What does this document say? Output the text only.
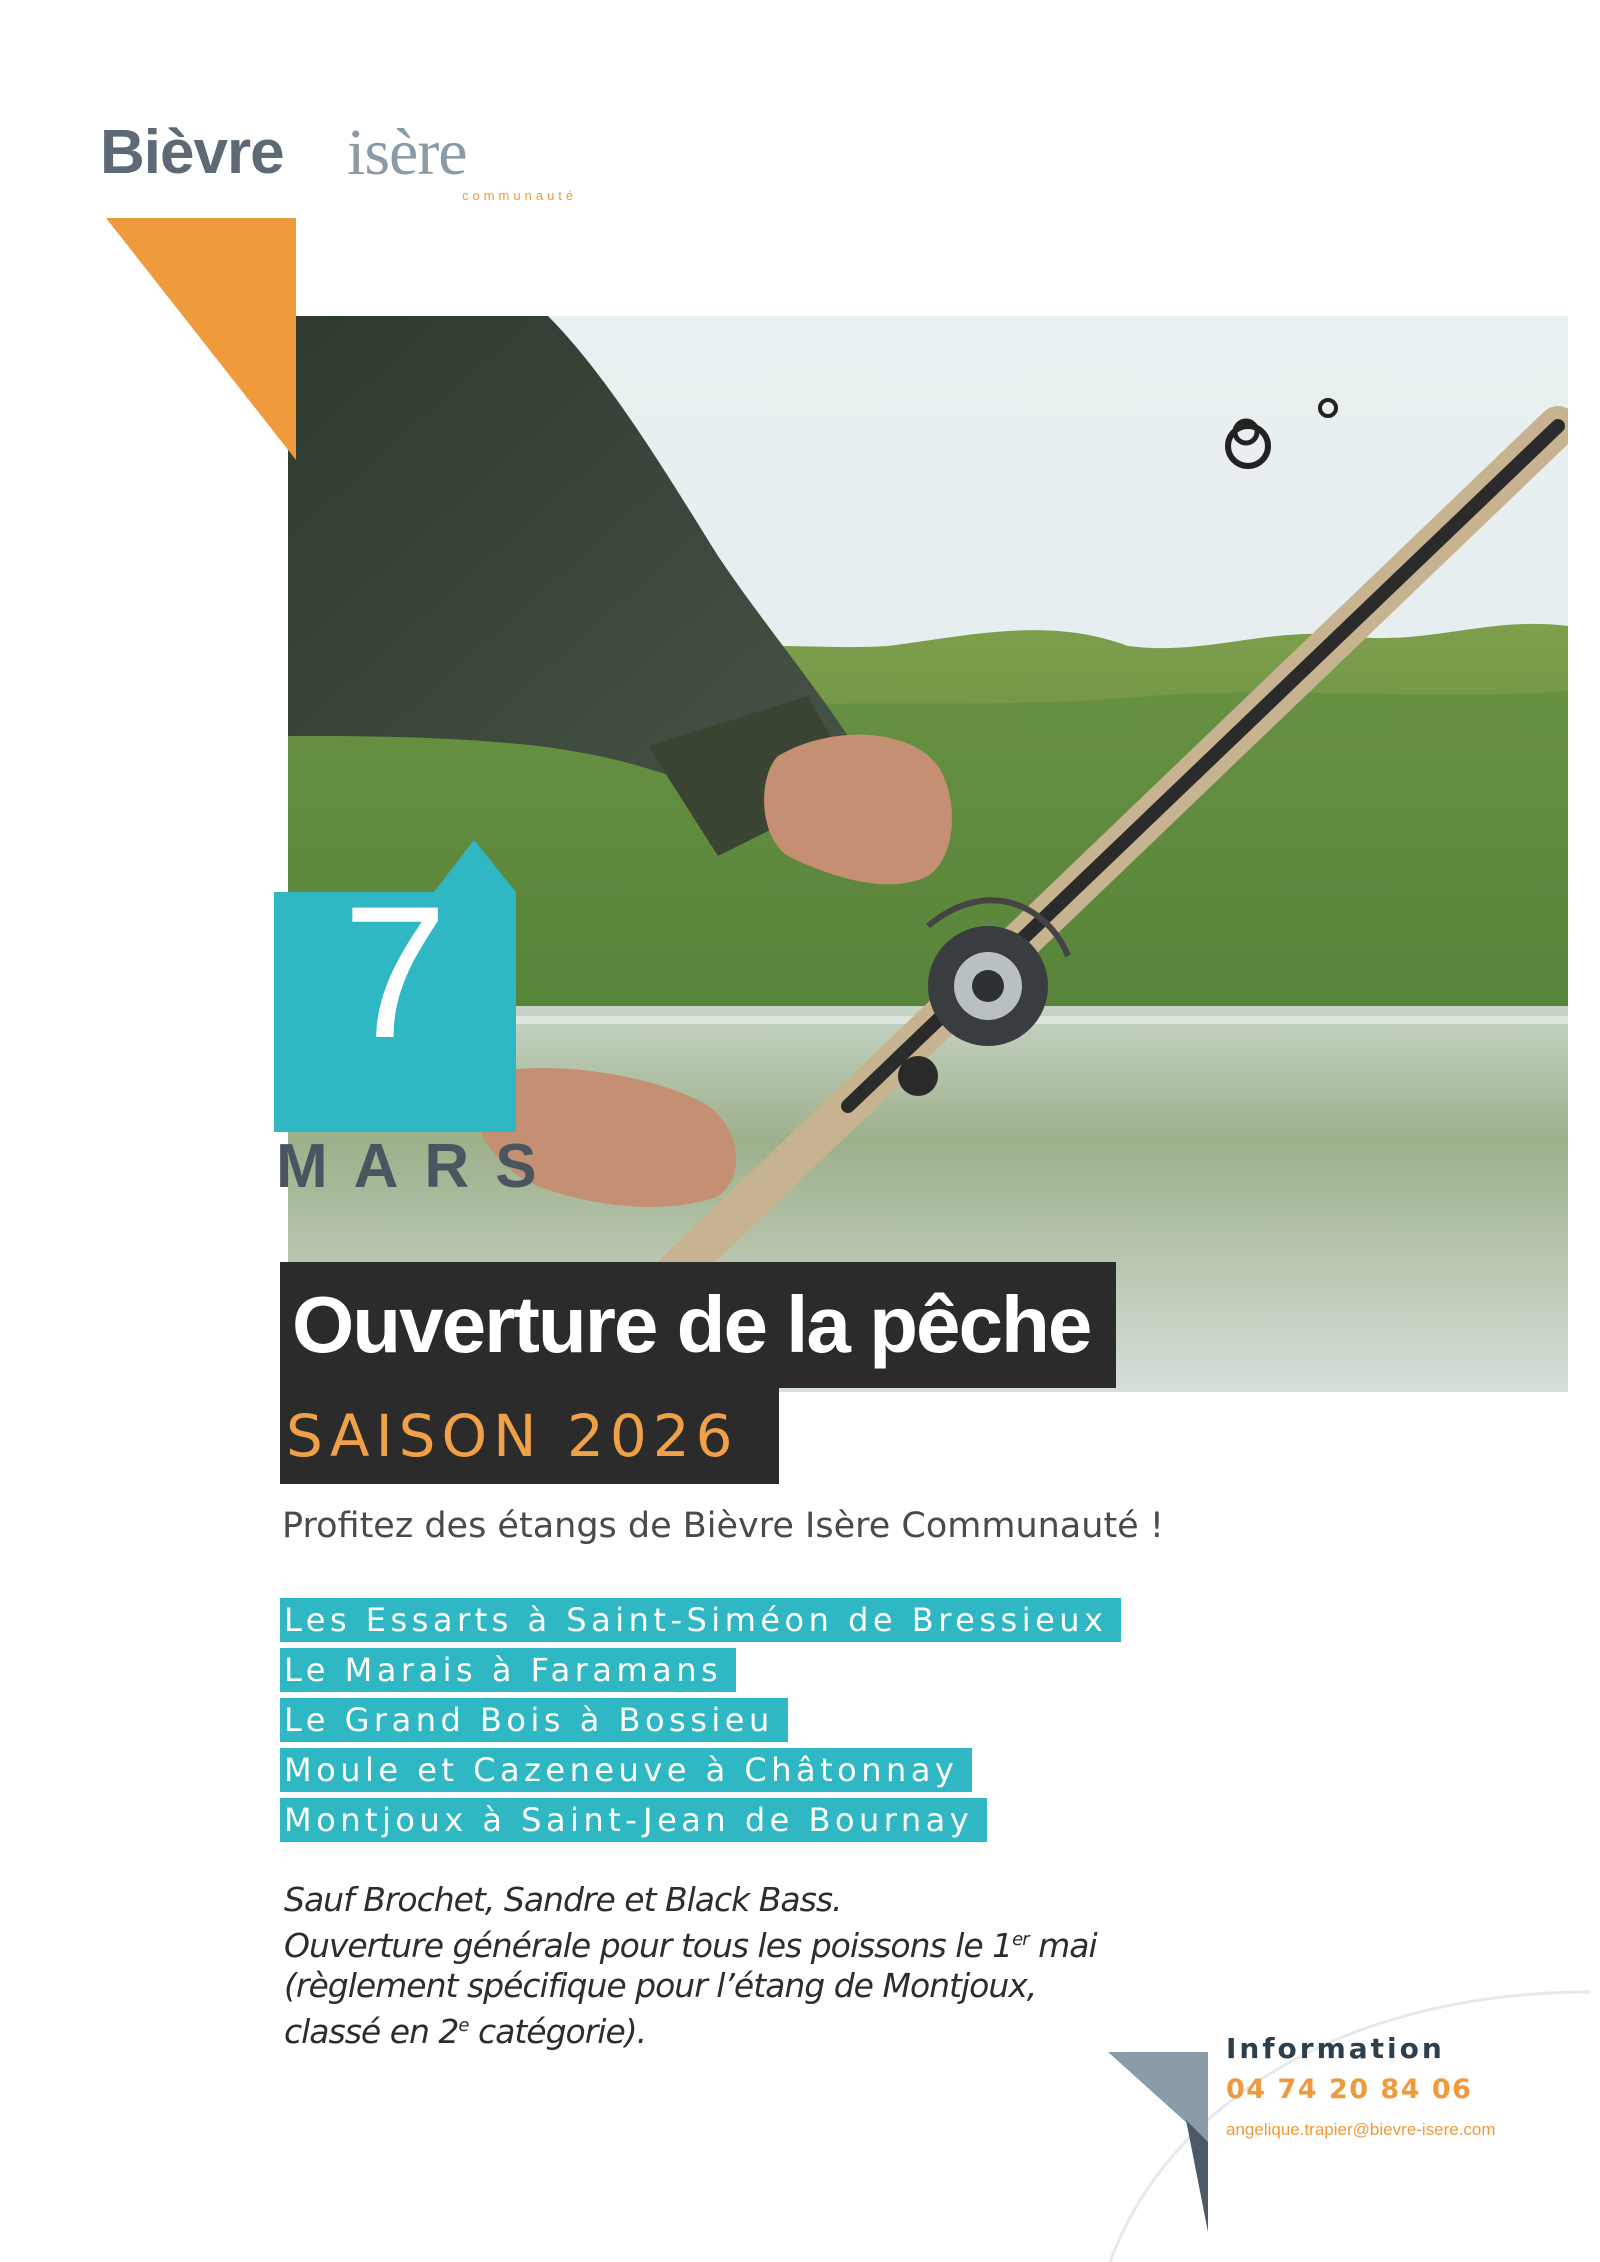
Bièvre isère
communauté
7
MARS
Ouverture de la pêche
SAISON 2026
Profitez des étangs de Bièvre Isère Communauté !
Les Essarts à Saint-Siméon de Bressieux
Le Marais à Faramans
Le Grand Bois à Bossieu
Moule et Cazeneuve à Châtonnay
Montjoux à Saint-Jean de Bournay
Sauf Brochet, Sandre et Black Bass.
Ouverture générale pour tous les poissons le 1er mai
(règlement spécifique pour l’étang de Montjoux,
classé en 2e catégorie).	Information
04 74 20 84 06
angelique.trapier@bievre-isere.com
